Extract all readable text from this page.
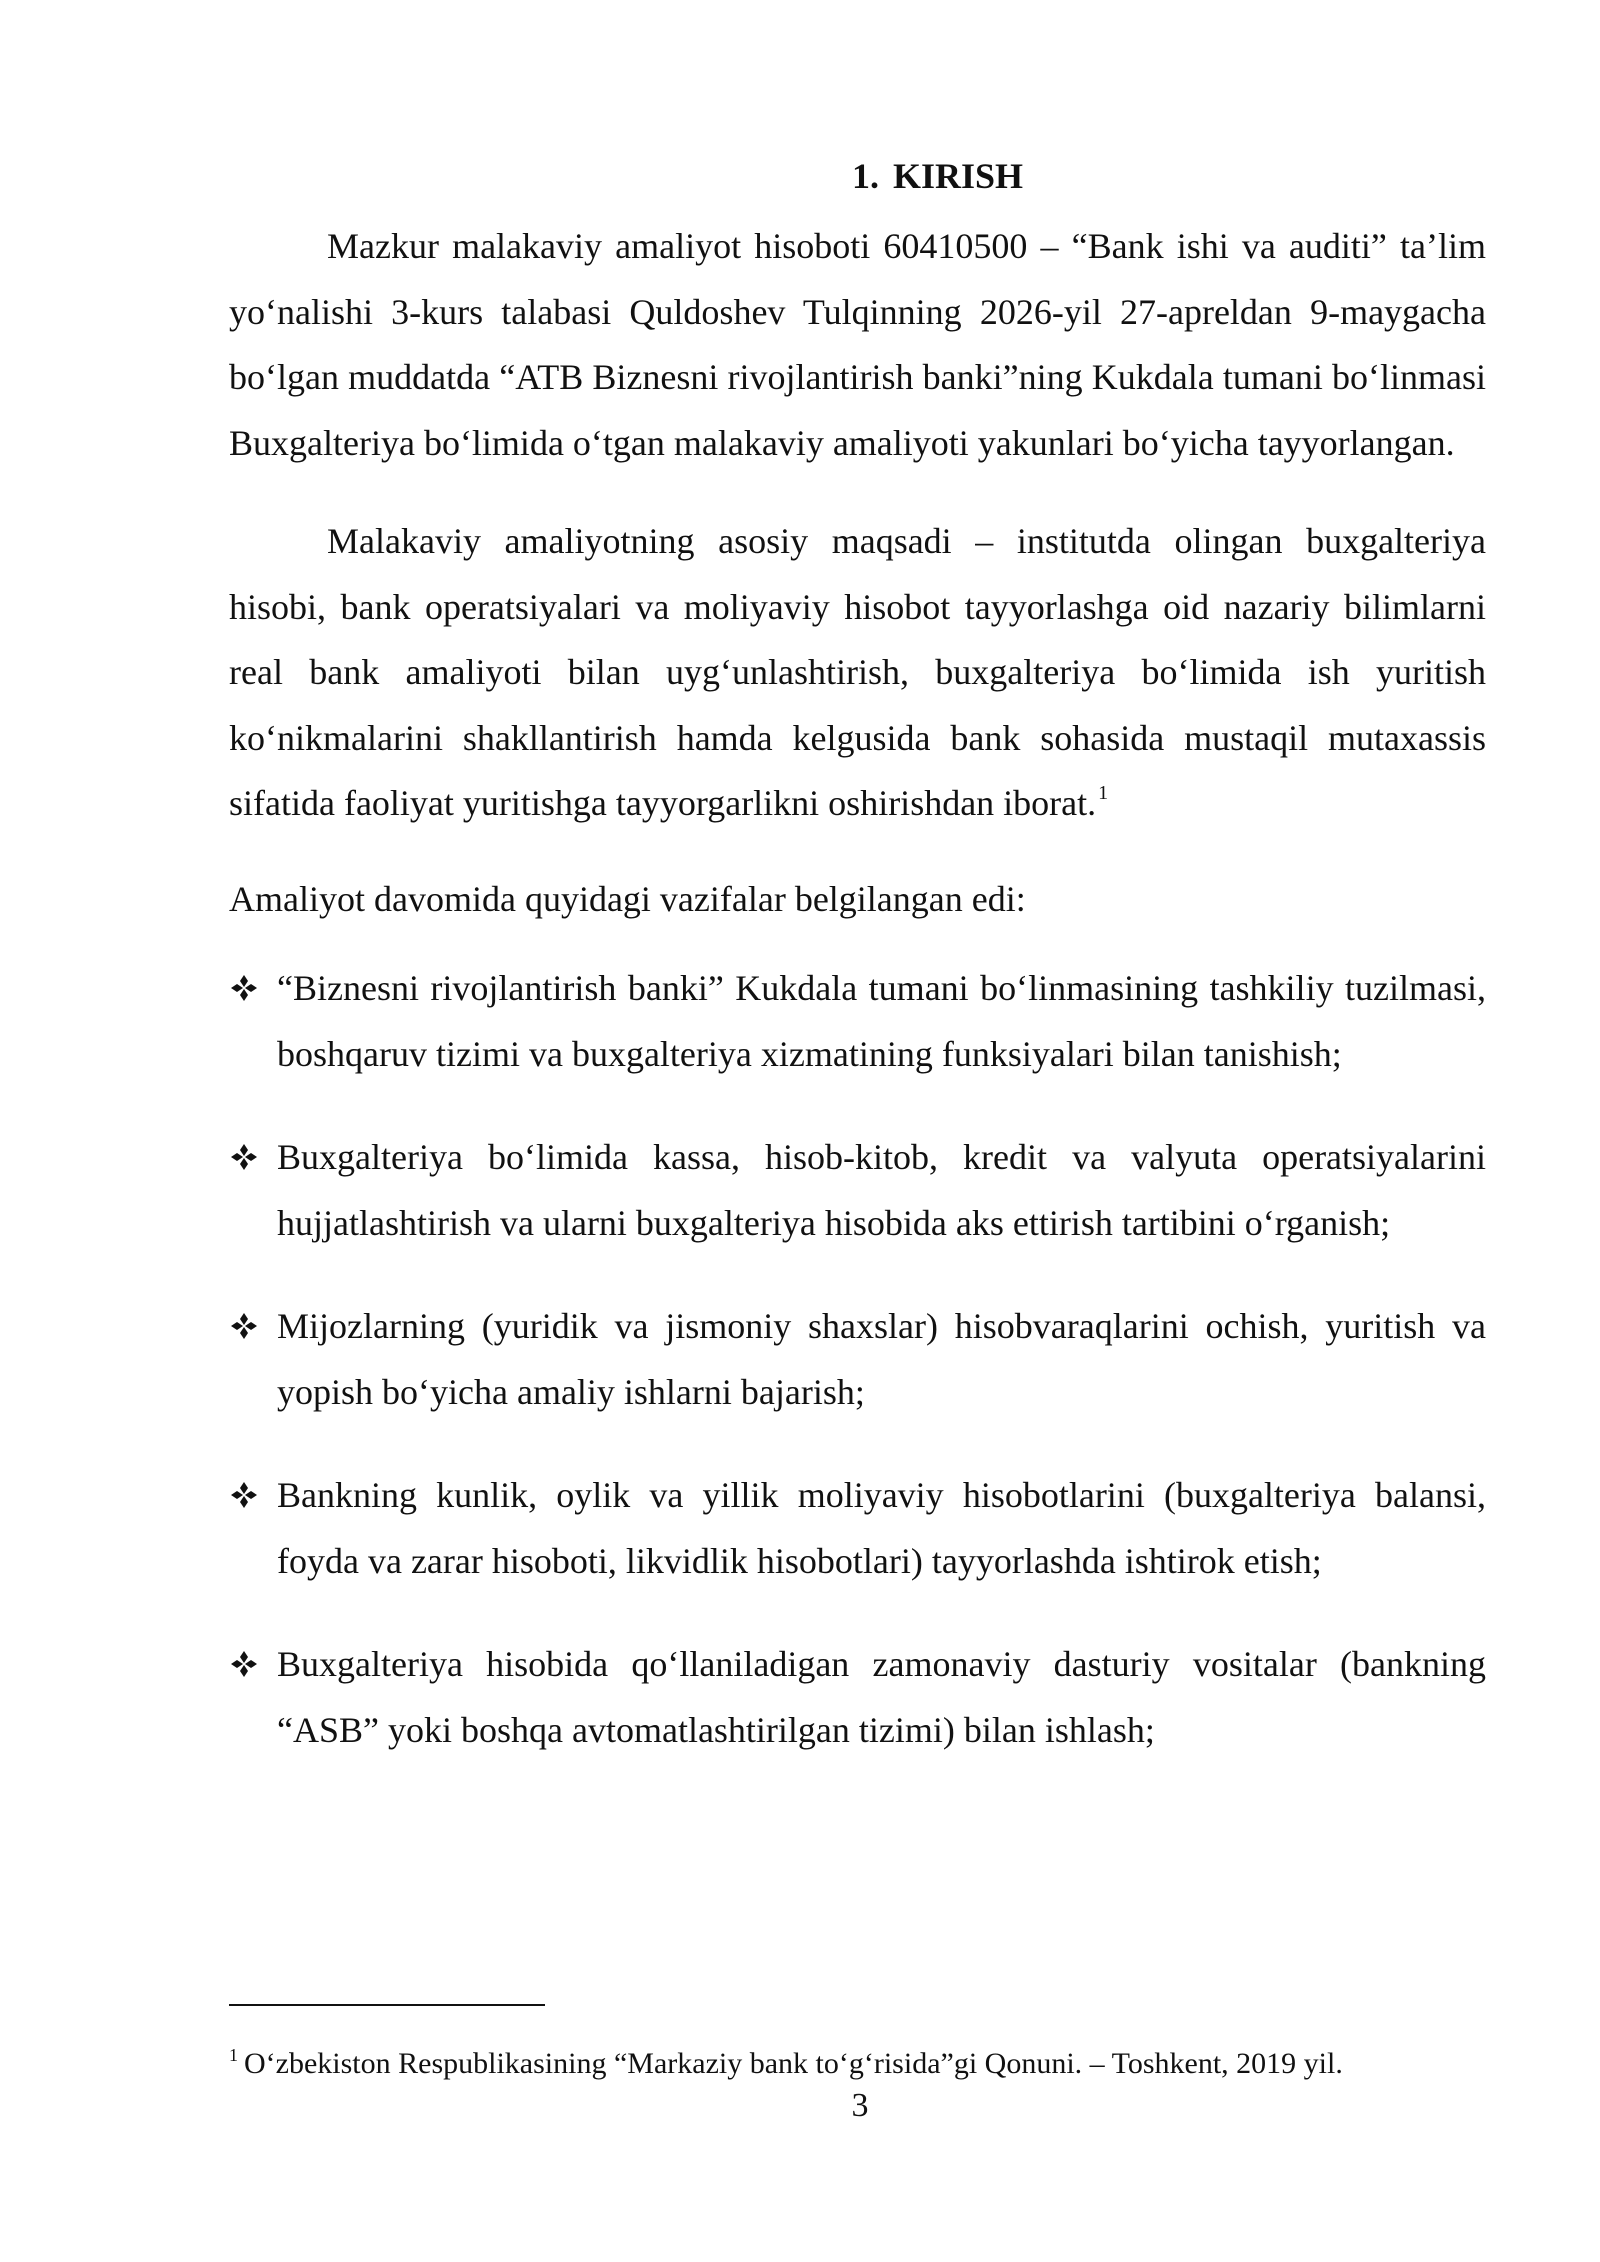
1. KIRISH

Mazkur malakaviy amaliyot hisoboti 60410500 – “Bank ishi va auditi” ta’lim yo‘nalishi 3-kurs talabasi Quldoshev Tulqinning 2026-yil 27-apreldan 9-maygacha bo‘lgan muddatda “ATB Biznesni rivojlantirish banki”ning Kukdala tumani bo‘linmasi Buxgalteriya bo‘limida o‘tgan malakaviy amaliyoti yakunlari bo‘yicha tayyorlangan.

Malakaviy amaliyotning asosiy maqsadi – institutda olingan buxgalteriya hisobi, bank operatsiyalari va moliyaviy hisobot tayyorlashga oid nazariy bilimlarni real bank amaliyoti bilan uyg‘unlashtirish, buxgalteriya bo‘limida ish yuritish ko‘nikmalarini shakllantirish hamda kelgusida bank sohasida mustaqil mutaxassis sifatida faoliyat yuritishga tayyorgarlikni oshirishdan iborat. $^1$

Amaliyot davomida quyidagi vazifalar belgilangan edi:

“Biznesni rivojlantirish banki” Kukdala tumani bo‘linmasining tashkiliy tuzilmasi, boshqaruv tizimi va buxgalteriya xizmatining funksiyalari bilan tanishish;
Buxgalteriya bo‘limida kassa, hisob-kitob, kredit va valyuta operatsiyalarini hujjatlashtirish va ularni buxgalteriya hisobida aks ettirish tartibini o‘rganish;
Mijozlarning (yuridik va jismoniy shaxslar) hisobvaraqlarini ochish, yuritish va yopish bo‘yicha amaliy ishlarni bajarish;
Bankning kunlik, oylik va yillik moliyaviy hisobotlarini (buxgalteriya balansi, foyda va zarar hisoboti, likvidlik hisobotlari) tayyorlashda ishtirok etish;
Buxgalteriya hisobida qo‘llaniladigan zamonaviy dasturiy vositalar (bankning “ASB” yoki boshqa avtomatlashtirilgan tizimi) bilan ishlash;
$^1$ O‘zbekiston Respublikasining “Markaziy bank to‘g‘risida”gi Qonuni. – Toshkent, 2019 yil.
3
